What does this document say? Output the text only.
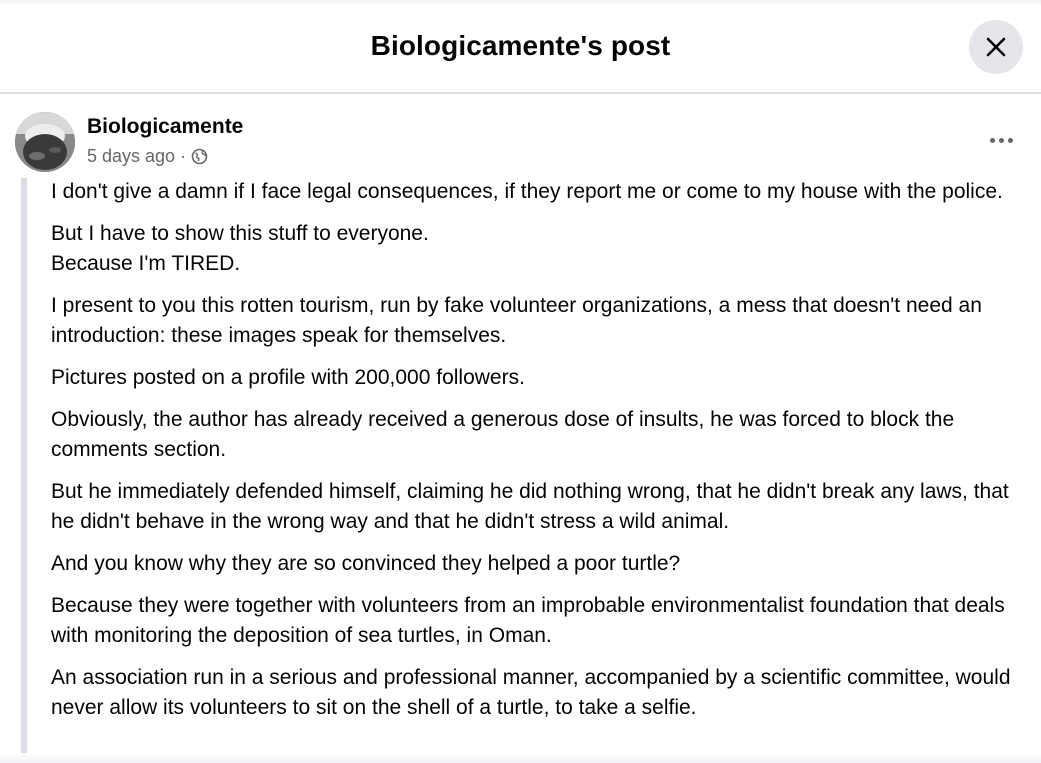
Biologicamente's post
Biologicamente
5 days ago ·

I don't give a damn if I face legal consequences, if they report me or come to my house with the police.

But I have to show this stuff to everyone.

Because I'm TIRED.

I present to you this rotten tourism, run by fake volunteer organizations, a mess that doesn't need an introduction: these images speak for themselves.

Pictures posted on a profile with 200,000 followers.

Obviously, the author has already received a generous dose of insults, he was forced to block the comments section.

But he immediately defended himself, claiming he did nothing wrong, that he didn't break any laws, that he didn't behave in the wrong way and that he didn't stress a wild animal.

And you know why they are so convinced they helped a poor turtle?

Because they were together with volunteers from an improbable environmentalist foundation that deals with monitoring the deposition of sea turtles, in Oman.

An association run in a serious and professional manner, accompanied by a scientific committee, would never allow its volunteers to sit on the shell of a turtle, to take a selfie.
